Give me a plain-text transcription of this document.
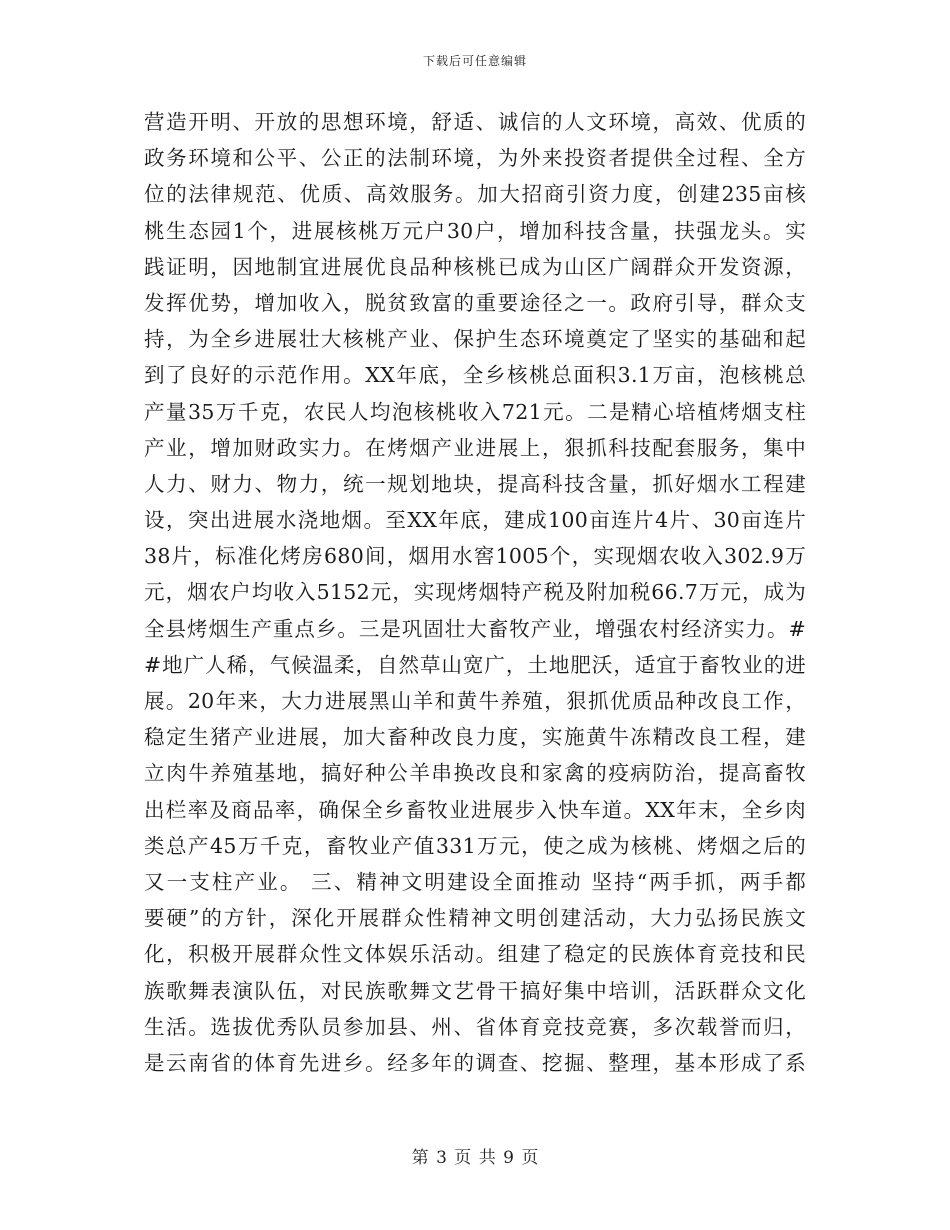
下载后可任意编辑
营造开明、开放的思想环境，舒适、诚信的人文环境，高效、优质的
政务环境和公平、公正的法制环境，为外来投资者提供全过程、全方
位的法律规范、优质、高效服务。加大招商引资力度，创建235亩核
桃生态园1个，进展核桃万元户30户，增加科技含量，扶强龙头。实
践证明，因地制宜进展优良品种核桃已成为山区广阔群众开发资源，
发挥优势，增加收入，脱贫致富的重要途径之一。政府引导，群众支
持，为全乡进展壮大核桃产业、保护生态环境奠定了坚实的基础和起
到了良好的示范作用。XX年底，全乡核桃总面积3.1万亩，泡核桃总
产量35万千克，农民人均泡核桃收入721元。二是精心培植烤烟支柱
产业，增加财政实力。在烤烟产业进展上，狠抓科技配套服务，集中
人力、财力、物力，统一规划地块，提高科技含量，抓好烟水工程建
设，突出进展水浇地烟。至XX年底，建成100亩连片4片、30亩连片
38片，标准化烤房680间，烟用水窖1005个，实现烟农收入302.9万
元，烟农户均收入5152元，实现烤烟特产税及附加税66.7万元，成为
全县烤烟生产重点乡。三是巩固壮大畜牧产业，增强农村经济实力。#
#地广人稀，气候温柔，自然草山宽广，土地肥沃，适宜于畜牧业的进
展。20年来，大力进展黑山羊和黄牛养殖，狠抓优质品种改良工作，
稳定生猪产业进展，加大畜种改良力度，实施黄牛冻精改良工程，建
立肉牛养殖基地，搞好种公羊串换改良和家禽的疫病防治，提高畜牧
出栏率及商品率，确保全乡畜牧业进展步入快车道。XX年末，全乡肉
类总产45万千克，畜牧业产值331万元，使之成为核桃、烤烟之后的
又一支柱产业。 三、精神文明建设全面推动 坚持“两手抓，两手都
要硬”的方针，深化开展群众性精神文明创建活动，大力弘扬民族文
化，积极开展群众性文体娱乐活动。组建了稳定的民族体育竞技和民
族歌舞表演队伍，对民族歌舞文艺骨干搞好集中培训，活跃群众文化
生活。选拔优秀队员参加县、州、省体育竞技竞赛，多次载誉而归，
是云南省的体育先进乡。经多年的调查、挖掘、整理，基本形成了系
第 3 页 共 9 页
